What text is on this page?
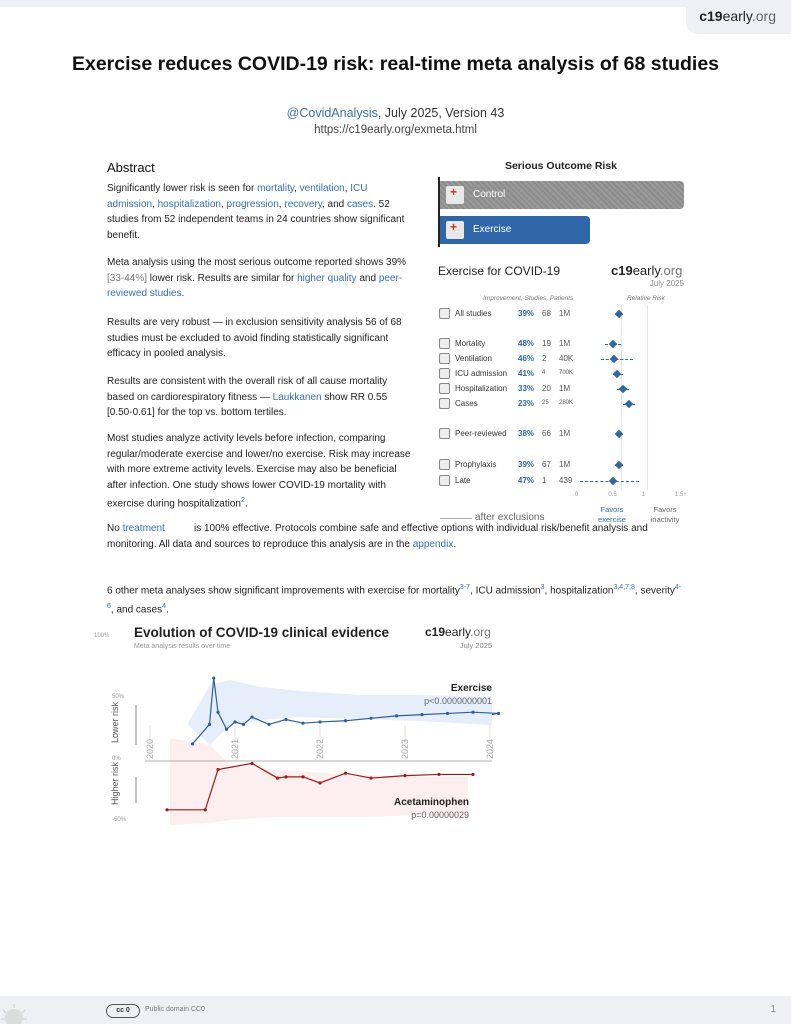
c19early.org
Exercise reduces COVID-19 risk: real-time meta analysis of 68 studies
@CovidAnalysis, July 2025, Version 43
https://c19early.org/exmeta.html
Abstract
Significantly lower risk is seen for mortality, ventilation, ICU admission, hospitalization, progression, recovery, and cases. 52 studies from 52 independent teams in 24 countries show significant benefit.
Meta analysis using the most serious outcome reported shows 39% [33-44%] lower risk. Results are similar for higher quality and peer-reviewed studies.
Results are very robust — in exclusion sensitivity analysis 56 of 68 studies must be excluded to avoid finding statistically significant efficacy in pooled analysis.
Results are consistent with the overall risk of all cause mortality based on cardiorespiratory fitness — Laukkanen show RR 0.55 [0.50-0.61] for the top vs. bottom tertiles.
Most studies analyze activity levels before infection, comparing regular/moderate exercise and lower/no exercise. Risk may increase with more extreme activity levels. Exercise may also be beneficial after infection. One study shows lower COVID-19 mortality with exercise during hospitalization$^2$.
No treatment	is 100% effective. Protocols combine safe and effective options with individual risk/benefit analysis and monitoring. All data and sources to reproduce this analysis are in the appendix.
6 other meta analyses show significant improvements with exercise for mortality$^{3-7}$, ICU admission$^3$, hospitalization$^{3,4,7,8}$, severity$^{4-6}$, and cases$^4$.
Serious Outcome Risk
+
Control
+
Exercise
Exercise for COVID-19	c19early.org
July 2025
Improvement, Studies, Patients	Relative Risk
All studies	39% 68 1M
Mortality	48% 19 1M
Ventilation	46% 2 40K
ICU admission 41% 4 700K
Hospitalization 33% 20 1M
Cases	23% 25 280K
Peer-reviewed 38% 66 1M
Prophylaxis	39% 67 1M
Late	47% 1 439
0	0.5	1	1.5+
Favors exercise
Favors inactivity
after exclusions
2020	2021	2022	2023	2024
100%
50%
0%
-50%
Lower risk
Higher risk
Exercise
p<0.0000000001
Acetaminophen
p=0.00000029
Evolution of COVID-19 clinical evidence
Meta analysis results over time
c19early.org
July 2025
cc 0	Public domain CC0	1
